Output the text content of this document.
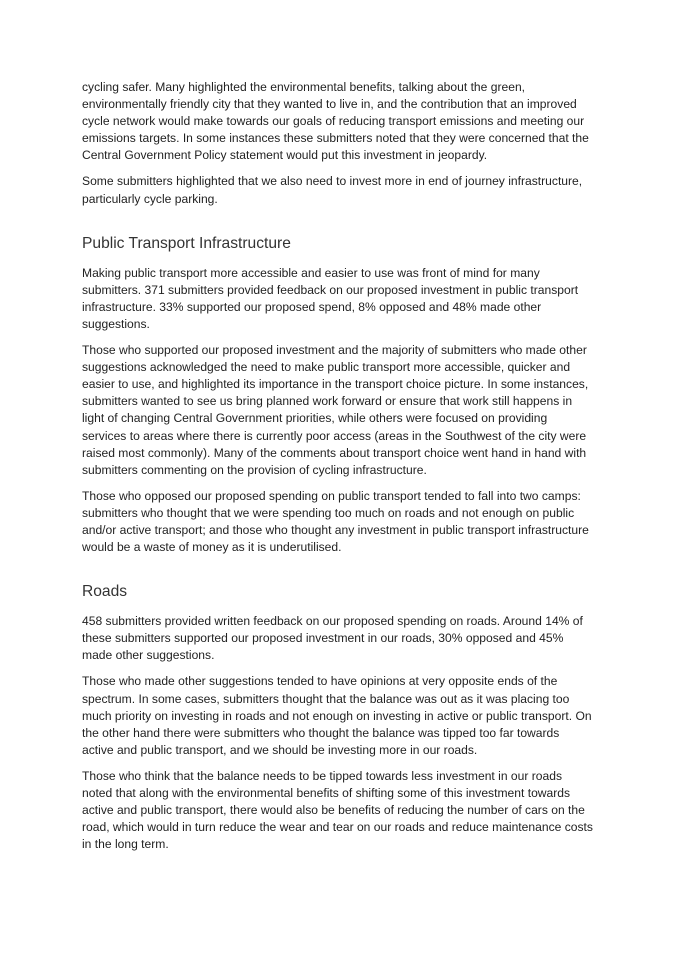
cycling safer. Many highlighted the environmental benefits, talking about the green, environmentally friendly city that they wanted to live in, and the contribution that an improved cycle network would make towards our goals of reducing transport emissions and meeting our emissions targets. In some instances these submitters noted that they were concerned that the Central Government Policy statement would put this investment in jeopardy.

Some submitters highlighted that we also need to invest more in end of journey infrastructure, particularly cycle parking.

Public Transport Infrastructure

Making public transport more accessible and easier to use was front of mind for many submitters. 371 submitters provided feedback on our proposed investment in public transport infrastructure. 33% supported our proposed spend, 8% opposed and 48% made other suggestions.

Those who supported our proposed investment and the majority of submitters who made other suggestions acknowledged the need to make public transport more accessible, quicker and easier to use, and highlighted its importance in the transport choice picture. In some instances, submitters wanted to see us bring planned work forward or ensure that work still happens in light of changing Central Government priorities, while others were focused on providing services to areas where there is currently poor access (areas in the Southwest of the city were raised most commonly). Many of the comments about transport choice went hand in hand with submitters commenting on the provision of cycling infrastructure.

Those who opposed our proposed spending on public transport tended to fall into two camps: submitters who thought that we were spending too much on roads and not enough on public and/or active transport; and those who thought any investment in public transport infrastructure would be a waste of money as it is underutilised.

Roads

458 submitters provided written feedback on our proposed spending on roads. Around 14% of these submitters supported our proposed investment in our roads, 30% opposed and 45% made other suggestions.

Those who made other suggestions tended to have opinions at very opposite ends of the spectrum. In some cases, submitters thought that the balance was out as it was placing too much priority on investing in roads and not enough on investing in active or public transport. On the other hand there were submitters who thought the balance was tipped too far towards active and public transport, and we should be investing more in our roads.

Those who think that the balance needs to be tipped towards less investment in our roads noted that along with the environmental benefits of shifting some of this investment towards active and public transport, there would also be benefits of reducing the number of cars on the road, which would in turn reduce the wear and tear on our roads and reduce maintenance costs in the long term.
